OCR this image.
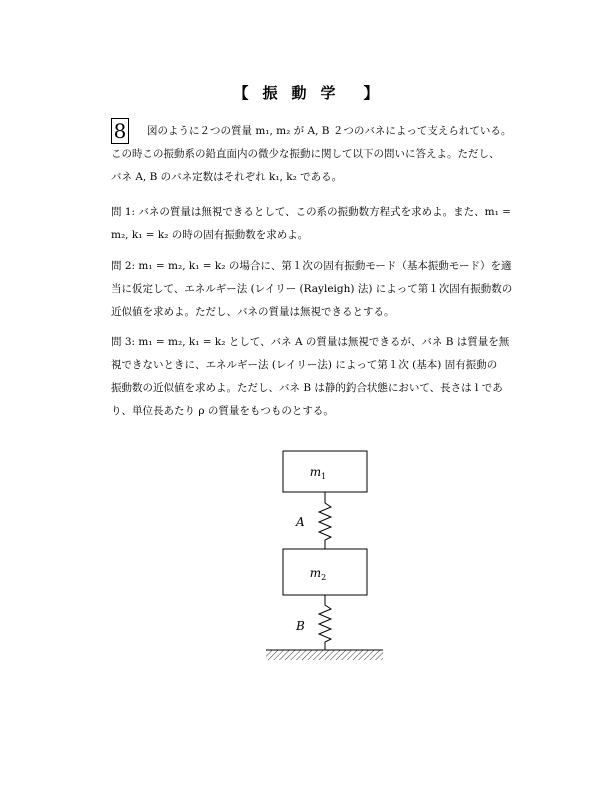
【 振動学 】
8	図のように２つの質量 m₁, m₂ が A, B ２つのバネによって支えられている。
この時この振動系の鉛直面内の微少な振動に関して以下の問いに答えよ。ただし、
バネ A, B のバネ定数はそれぞれ k₁, k₂ である。

問 1: バネの質量は無視できるとして、この系の振動数方程式を求めよ。また、m₁ =
m₂, k₁ = k₂ の時の固有振動数を求めよ。

問 2: m₁ = m₂, k₁ = k₂ の場合に、第１次の固有振動モード（基本振動モード）を適
当に仮定して、エネルギー法 (レイリー (Rayleigh) 法) によって第１次固有振動数の
近似値を求めよ。ただし、バネの質量は無視できるとする。

問 3: m₁ = m₂, k₁ = k₂ として、バネ A の質量は無視できるが、バネ B は質量を無
視できないときに、エネルギー法 (レイリー法) によって第１次 (基本) 固有振動の
振動数の近似値を求めよ。ただし、バネ B は静的釣合状態において、長さは l であ
り、単位長あたり ρ の質量をもつものとする。

$m_1$
A
$m_2$
B
